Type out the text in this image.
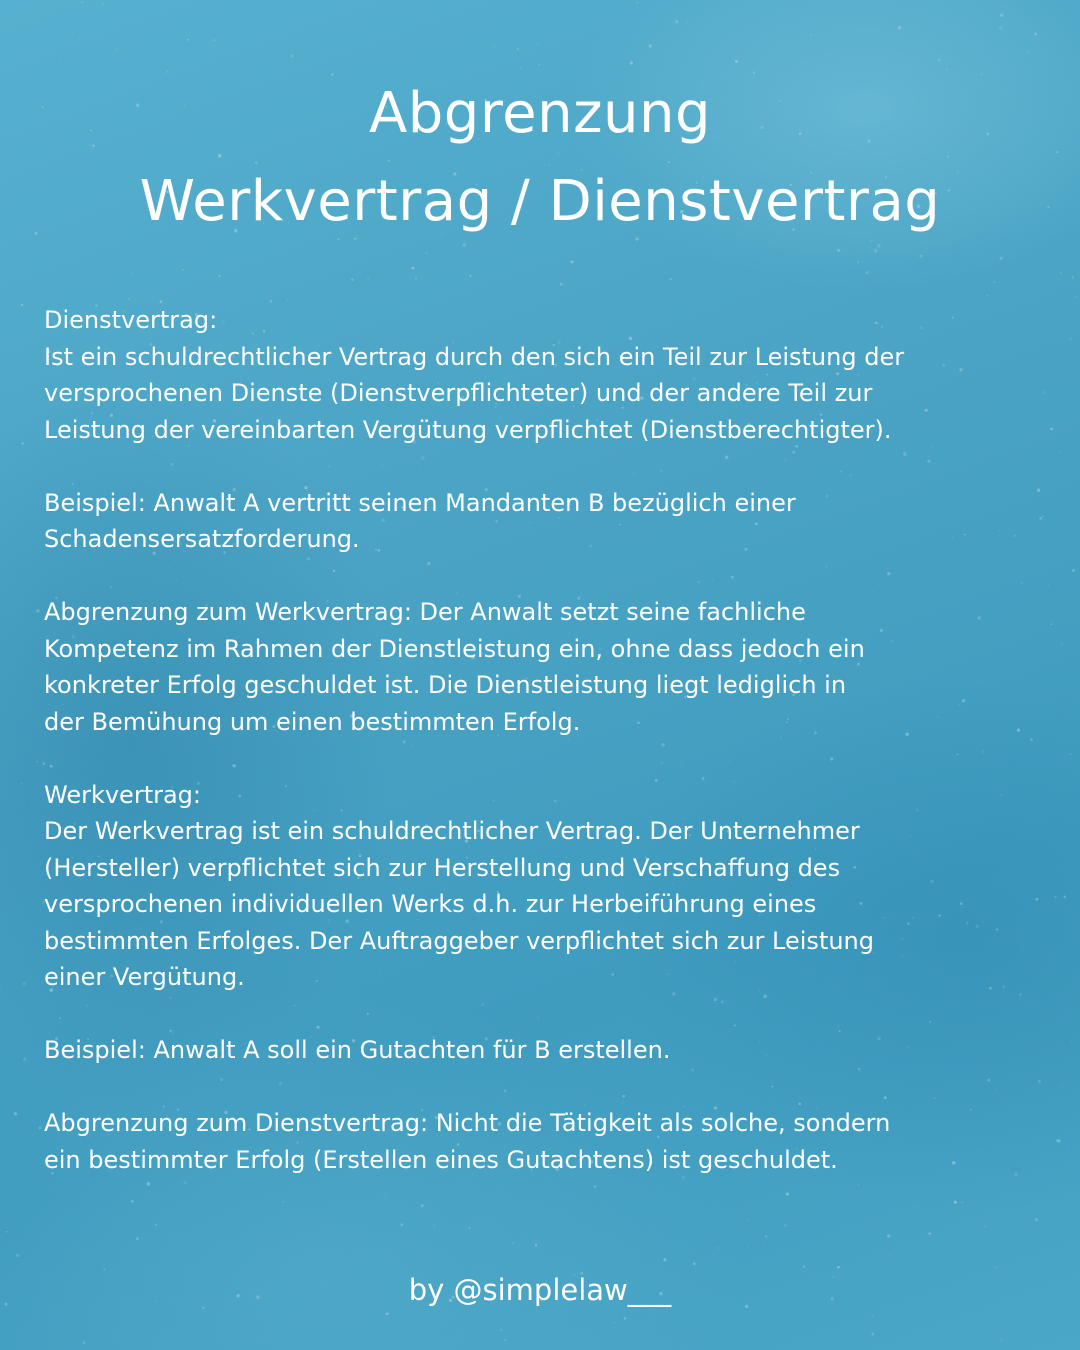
Abgrenzung
Werkvertrag / Dienstvertrag

Dienstvertrag:
Ist ein schuldrechtlicher Vertrag durch den sich ein Teil zur Leistung der
versprochenen Dienste (Dienstverpflichteter) und der andere Teil zur
Leistung der vereinbarten Vergütung verpflichtet (Dienstberechtigter).

Beispiel: Anwalt A vertritt seinen Mandanten B bezüglich einer
Schadensersatzforderung.

Abgrenzung zum Werkvertrag: Der Anwalt setzt seine fachliche
Kompetenz im Rahmen der Dienstleistung ein, ohne dass jedoch ein
konkreter Erfolg geschuldet ist. Die Dienstleistung liegt lediglich in
der Bemühung um einen bestimmten Erfolg.

Werkvertrag:
Der Werkvertrag ist ein schuldrechtlicher Vertrag. Der Unternehmer
(Hersteller) verpflichtet sich zur Herstellung und Verschaffung des
versprochenen individuellen Werks d.h. zur Herbeiführung eines
bestimmten Erfolges. Der Auftraggeber verpflichtet sich zur Leistung
einer Vergütung.

Beispiel: Anwalt A soll ein Gutachten für B erstellen.

Abgrenzung zum Dienstvertrag: Nicht die Tätigkeit als solche, sondern
ein bestimmter Erfolg (Erstellen eines Gutachtens) ist geschuldet.

by @simplelaw___
